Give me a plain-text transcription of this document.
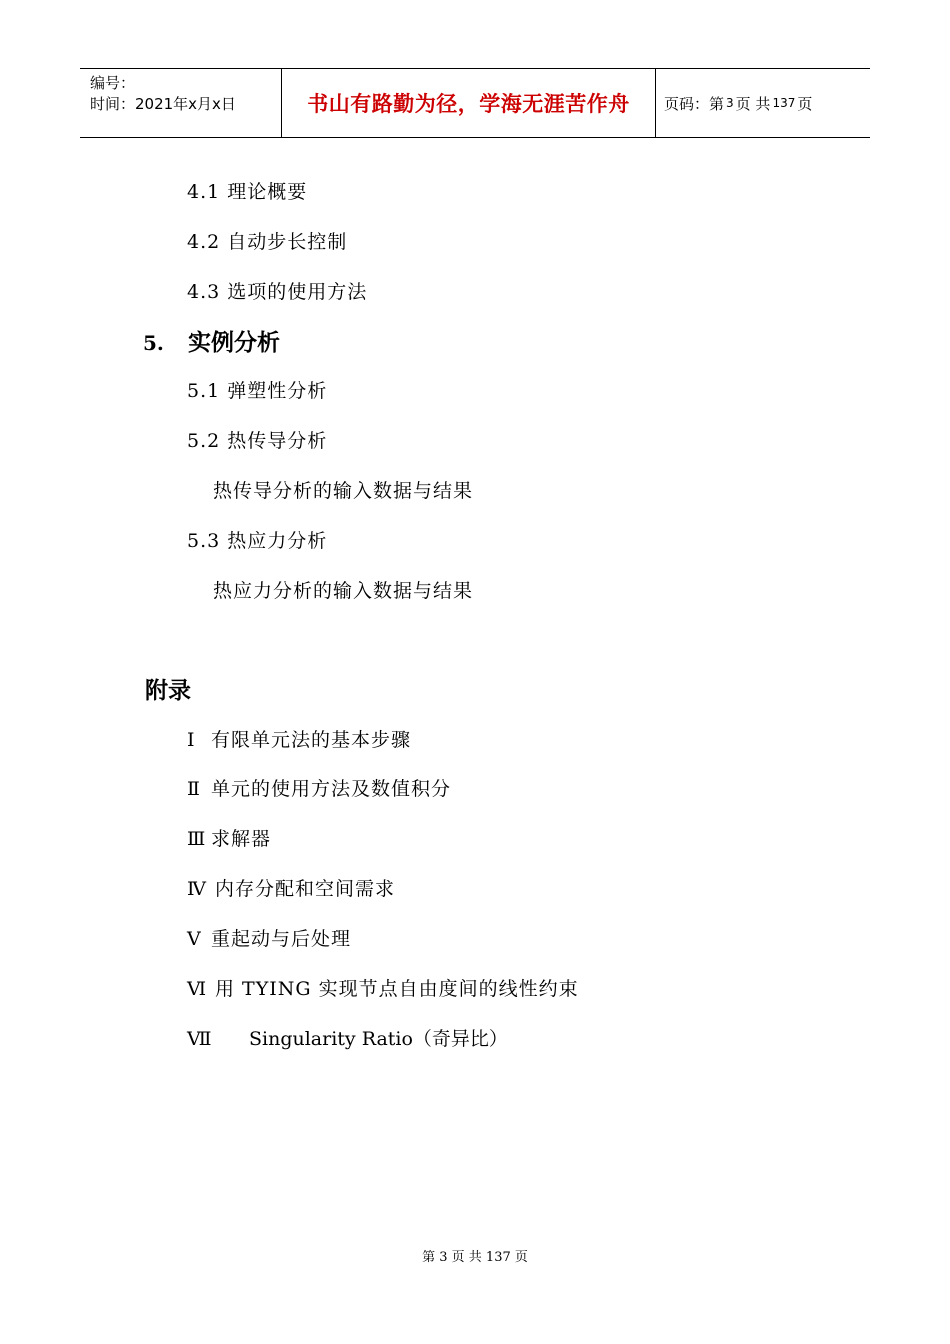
编号：
时间：2021年x月x日	书山有路勤为径，学海无涯苦作舟	页码：第 3 页 共 137 页
4.1 理论概要
4.2 自动步长控制
4.3 选项的使用方法
5. 实例分析
5.1 弹塑性分析
5.2 热传导分析
热传导分析的输入数据与结果
5.3 热应力分析
热应力分析的输入数据与结果
附录
Ⅰ 有限单元法的基本步骤
Ⅱ 单元的使用方法及数值积分
Ⅲ 求解器
Ⅳ 内存分配和空间需求
Ⅴ 重起动与后处理
Ⅵ 用 TYING 实现节点自由度间的线性约束
Ⅶ Singularity Ratio（奇异比）
第 3 页 共 137 页
